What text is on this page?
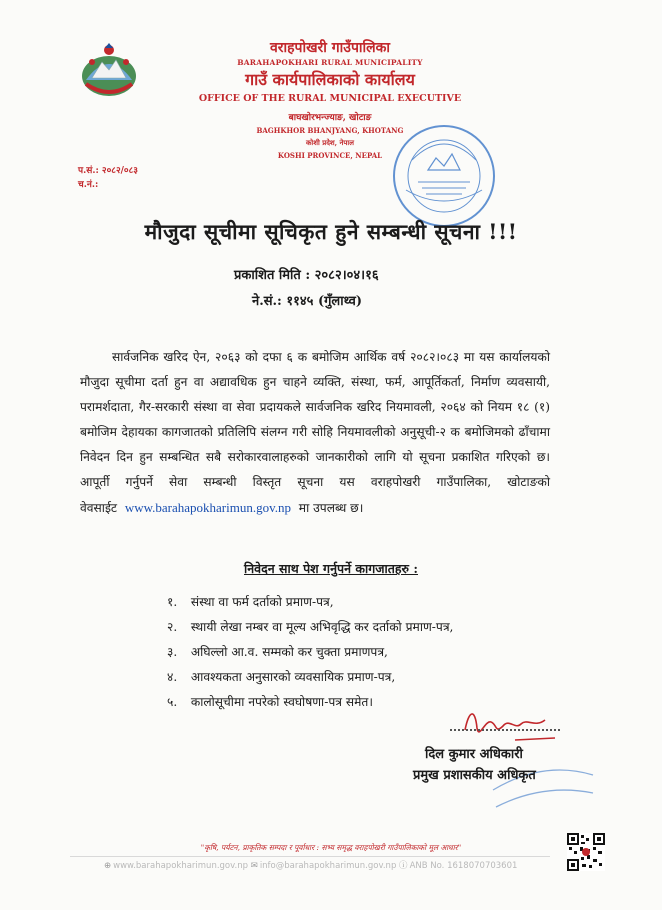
वराहपोखरी गाउँपालिका
BARAHAPOKHARI RURAL MUNICIPALITY
गाउँ कार्यपालिकाको कार्यालय
OFFICE OF THE RURAL MUNICIPAL EXECUTIVE
बाघखोरभन्ज्याङ, खोटाङ
BAGHKHOR BHANJYANG, KHOTANG
कोशी प्रदेश, नेपाल
KOSHI PROVINCE, NEPAL
प.सं.: २०८२/०८३
च.नं.:
मौजुदा सूचीमा सूचिकृत हुने सम्बन्धी सूचना !!!
प्रकाशित मिति : २०८२।०४।१६
ने.सं.: ११४५ (गुँलाथ्व)
सार्वजनिक खरिद ऐन, २०६३ को दफा ६ क बमोजिम आर्थिक वर्ष २०८२।०८३ मा यस कार्यालयको मौजुदा सूचीमा दर्ता हुन वा अद्यावधिक हुन चाहने व्यक्ति, संस्था, फर्म, आपूर्तिकर्ता, निर्माण व्यवसायी, परामर्शदाता, गैर-सरकारी संस्था वा सेवा प्रदायकले सार्वजनिक खरिद नियमावली, २०६४ को नियम १८ (१) बमोजिम देहायका कागजातको प्रतिलिपि संलग्न गरी सोहि नियमावलीको अनुसूची-२ क बमोजिमको ढाँचामा निवेदन दिन हुन सम्बन्धित सबै सरोकारवालाहरुको जानकारीको लागि यो सूचना प्रकाशित गरिएको छ। आपूर्ती गर्नुपर्ने सेवा सम्बन्धी विस्तृत सूचना यस वराहपोखरी गाउँपालिका, खोटाङको वेवसाईट www.barahapokharimun.gov.np मा उपलब्ध छ।
निवेदन साथ पेश गर्नुपर्ने कागजातहरु :
१. संस्था वा फर्म दर्ताको प्रमाण-पत्र,
२. स्थायी लेखा नम्बर वा मूल्य अभिवृद्धि कर दर्ताको प्रमाण-पत्र,
३. अघिल्लो आ.व. सम्मको कर चुक्ता प्रमाणपत्र,
४. आवश्यकता अनुसारको व्यवसायिक प्रमाण-पत्र,
५. कालोसूचीमा नपरेको स्वघोषणा-पत्र समेत।
दिल कुमार अधिकारी
प्रमुख प्रशासकीय अधिकृत
"कृषि, पर्यटन, प्राकृतिक सम्पदा र पूर्वाधार : सभ्य समृद्ध वराहपोखरी गाउँपालिकाको मूल आधार"
⊕ www.barahapokharimun.gov.np ✉ info@barahapokharimun.gov.np ⓘ ANB No. 1618070703601
